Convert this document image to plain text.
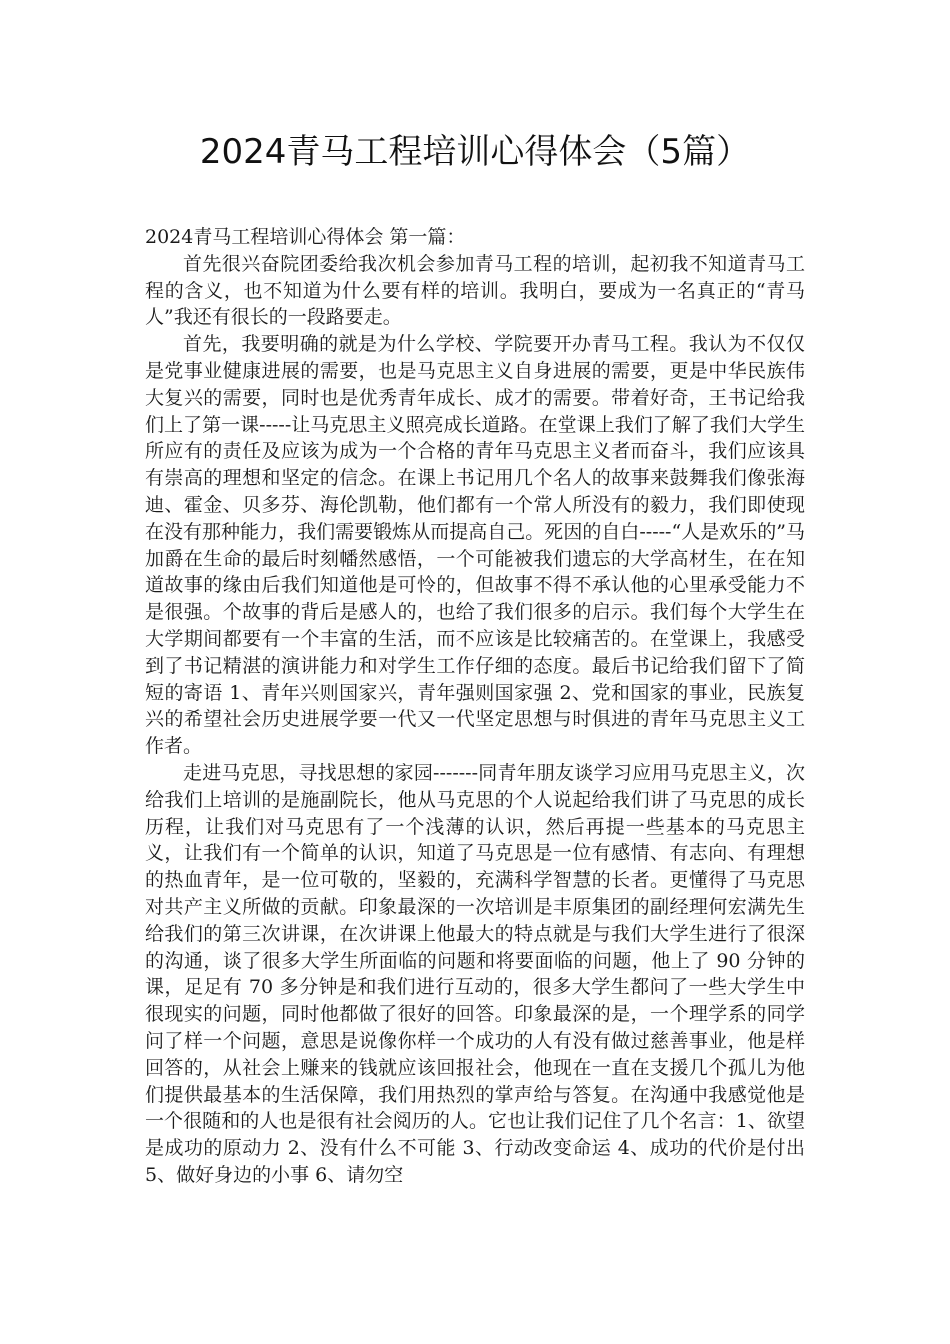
2024青马工程培训心得体会（5篇）

2024青马工程培训心得体会 第一篇：

首先很兴奋院团委给我次机会参加青马工程的培训，起初我不知道青马工程的含义，也不知道为什么要有样的培训。我明白，要成为一名真正的“青马人”我还有很长的一段路要走。

首先，我要明确的就是为什么学校、学院要开办青马工程。我认为不仅仅是党事业健康进展的需要，也是马克思主义自身进展的需要，更是中华民族伟大复兴的需要，同时也是优秀青年成长、成才的需要。带着好奇，王书记给我们上了第一课-----让马克思主义照亮成长道路。在堂课上我们了解了我们大学生所应有的责任及应该为成为一个合格的青年马克思主义者而奋斗，我们应该具有崇高的理想和坚定的信念。在课上书记用几个名人的故事来鼓舞我们像张海迪、霍金、贝多芬、海伦凯勒，他们都有一个常人所没有的毅力，我们即使现在没有那种能力，我们需要锻炼从而提高自己。死因的自白-----“人是欢乐的”马加爵在生命的最后时刻幡然感悟，一个可能被我们遗忘的大学高材生，在在知道故事的缘由后我们知道他是可怜的，但故事不得不承认他的心里承受能力不是很强。个故事的背后是感人的，也给了我们很多的启示。我们每个大学生在大学期间都要有一个丰富的生活，而不应该是比较痛苦的。在堂课上，我感受到了书记精湛的演讲能力和对学生工作仔细的态度。最后书记给我们留下了简短的寄语 1、青年兴则国家兴，青年强则国家强 2、党和国家的事业，民族复兴的希望社会历史进展学要一代又一代坚定思想与时俱进的青年马克思主义工作者。

走进马克思，寻找思想的家园-------同青年朋友谈学习应用马克思主义，次给我们上培训的是施副院长，他从马克思的个人说起给我们讲了马克思的成长历程，让我们对马克思有了一个浅薄的认识，然后再提一些基本的马克思主义，让我们有一个简单的认识，知道了马克思是一位有感情、有志向、有理想的热血青年，是一位可敬的，坚毅的，充满科学智慧的长者。更懂得了马克思对共产主义所做的贡献。印象最深的一次培训是丰原集团的副经理何宏满先生给我们的第三次讲课，在次讲课上他最大的特点就是与我们大学生进行了很深的沟通，谈了很多大学生所面临的问题和将要面临的问题，他上了 90 分钟的课，足足有 70 多分钟是和我们进行互动的，很多大学生都问了一些大学生中很现实的问题，同时他都做了很好的回答。印象最深的是，一个理学系的同学问了样一个问题，意思是说像你样一个成功的人有没有做过慈善事业，他是样回答的，从社会上赚来的钱就应该回报社会，他现在一直在支援几个孤儿为他们提供最基本的生活保障，我们用热烈的掌声给与答复。在沟通中我感觉他是一个很随和的人也是很有社会阅历的人。它也让我们记住了几个名言：1、欲望是成功的原动力 2、没有什么不可能 3、行动改变命运 4、成功的代价是付出 5、做好身边的小事 6、请勿空
